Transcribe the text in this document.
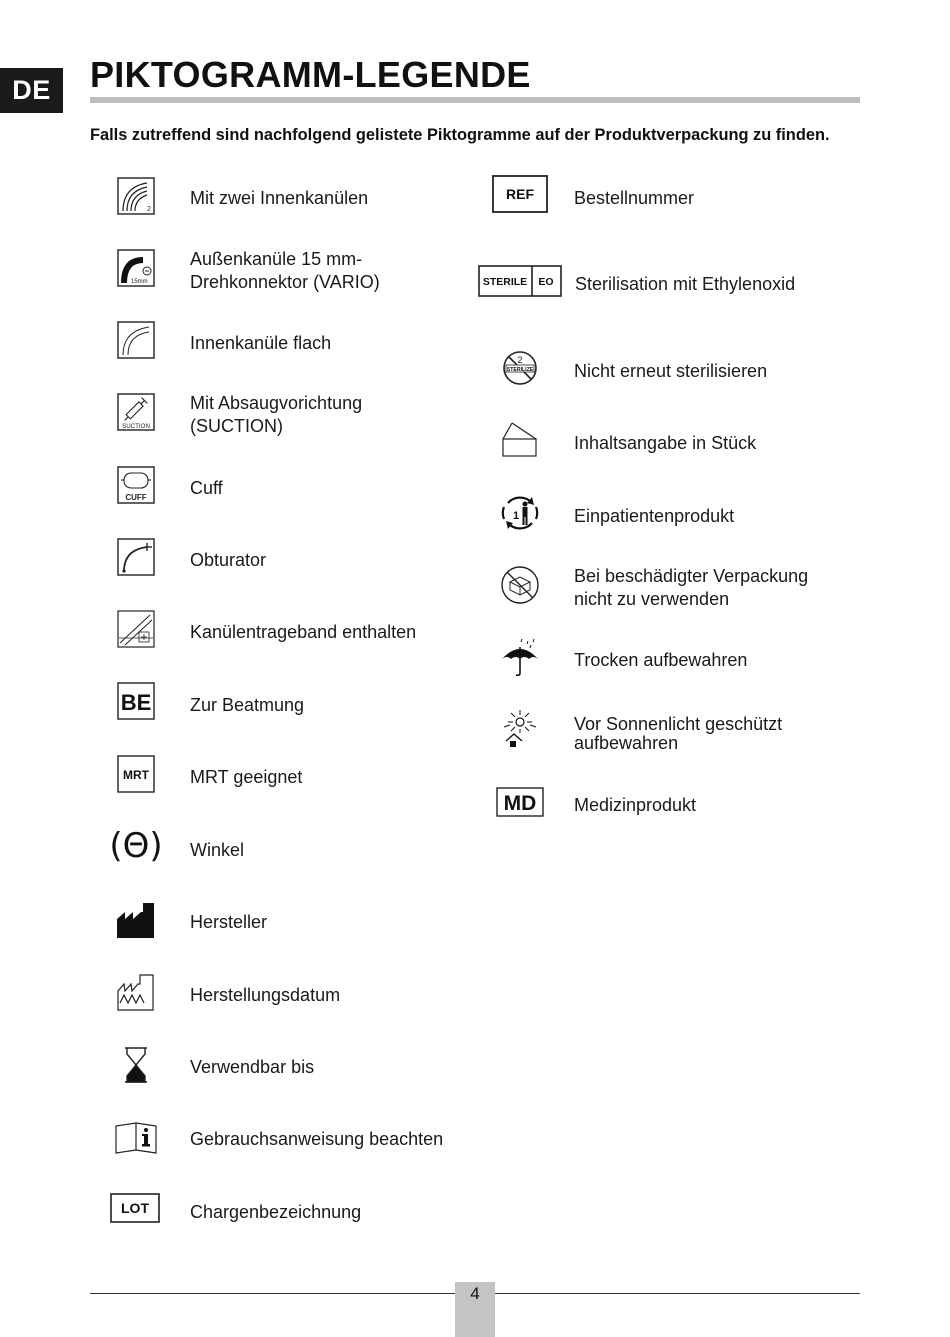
DE	PIKTOGRAMM-LEGENDE
Falls zutreffend sind nachfolgend gelistete Piktogramme auf der Produktverpackung zu finden.
2
Mit zwei Innenkanülen
15mm
Außenkanüle 15 mm-
Drehkonnektor (VARIO)
Innenkanüle flach
SUCTION
Mit Absaugvorichtung
(SUCTION)
CUFF Cuff
Obturator
Kanülentrageband enthalten
BE Zur Beatmung
MRT MRT geeignet
(Θ) Winkel
Hersteller
Herstellungsdatum
Verwendbar bis
Gebrauchsanweisung beachten
LOT Chargenbezeichnung
REF Bestellnummer
STERILE EO Sterilisation mit Ethylenoxid
2
STERILIZE Nicht erneut sterilisieren
Inhaltsangabe in Stück
1	Einpatientenprodukt
Bei beschädigter Verpackung
nicht zu verwenden
Trocken aufbewahren
Vor Sonnenlicht geschützt
aufbewahren
MD Medizinprodukt
4
